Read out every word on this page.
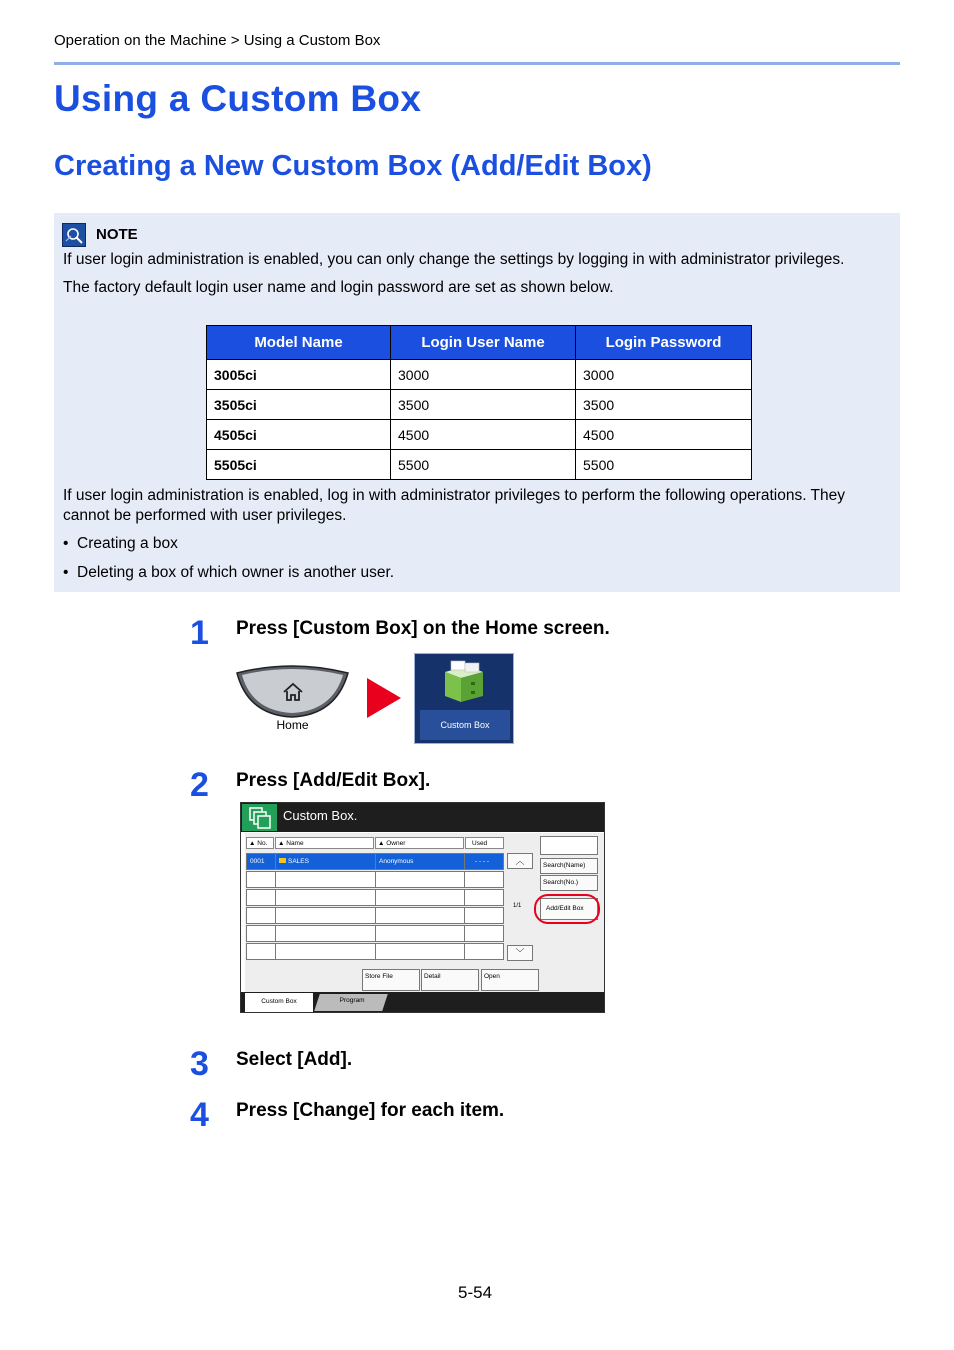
Operation on the Machine > Using a Custom Box
Using a Custom Box
Creating a New Custom Box (Add/Edit Box)
NOTE
If user login administration is enabled, you can only change the settings by logging in with administrator privileges.
The factory default login user name and login password are set as shown below.
Model Name	Login User Name	Login Password
3005ci	3000	3000
3505ci	3500	3500
4505ci	4500	4500
5505ci	5500	5500
If user login administration is enabled, log in with administrator privileges to perform the following operations. They
cannot be performed with user privileges.
•  Creating a box
•  Deleting a box of which owner is another user.
1 Press [Custom Box] on the Home screen.
Home	Custom Box
2 Press [Add/Edit Box].
Custom Box.
▲ No.	▲ Name	▲ Owner	Used
0001	SALES	Anonymous	- - - -	︿
1/1
﹀
Search(Name)
Search(No.)
Add/Edit Box
Store File	Detail	Open
Custom Box	Program
3 Select [Add].
4 Press [Change] for each item.
5-54
